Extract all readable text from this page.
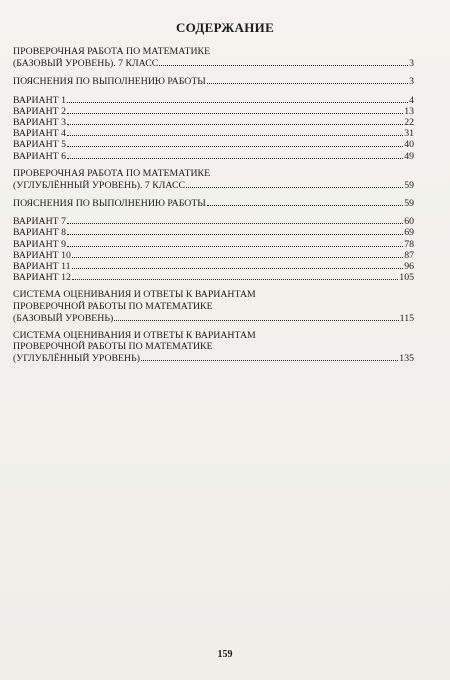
СОДЕРЖАНИЕ
ПРОВЕРОЧНАЯ РАБОТА ПО МАТЕМАТИКЕ
(БАЗОВЫЙ УРОВЕНЬ). 7 КЛАСС	3
ПОЯСНЕНИЯ ПО ВЫПОЛНЕНИЮ РАБОТЫ	3
ВАРИАНТ 1	4
ВАРИАНТ 2	13
ВАРИАНТ 3	22
ВАРИАНТ 4	31
ВАРИАНТ 5	40
ВАРИАНТ 6	49
ПРОВЕРОЧНАЯ РАБОТА ПО МАТЕМАТИКЕ
(УГЛУБЛЁННЫЙ УРОВЕНЬ). 7 КЛАСС	59
ПОЯСНЕНИЯ ПО ВЫПОЛНЕНИЮ РАБОТЫ	59
ВАРИАНТ 7	60
ВАРИАНТ 8	69
ВАРИАНТ 9	78
ВАРИАНТ 10	87
ВАРИАНТ 11	96
ВАРИАНТ 12	105
СИСТЕМА ОЦЕНИВАНИЯ И ОТВЕТЫ К ВАРИАНТАМ
ПРОВЕРОЧНОЙ РАБОТЫ ПО МАТЕМАТИКЕ
(БАЗОВЫЙ УРОВЕНЬ)	115
СИСТЕМА ОЦЕНИВАНИЯ И ОТВЕТЫ К ВАРИАНТАМ
ПРОВЕРОЧНОЙ РАБОТЫ ПО МАТЕМАТИКЕ
(УГЛУБЛЁННЫЙ УРОВЕНЬ)	135
159
